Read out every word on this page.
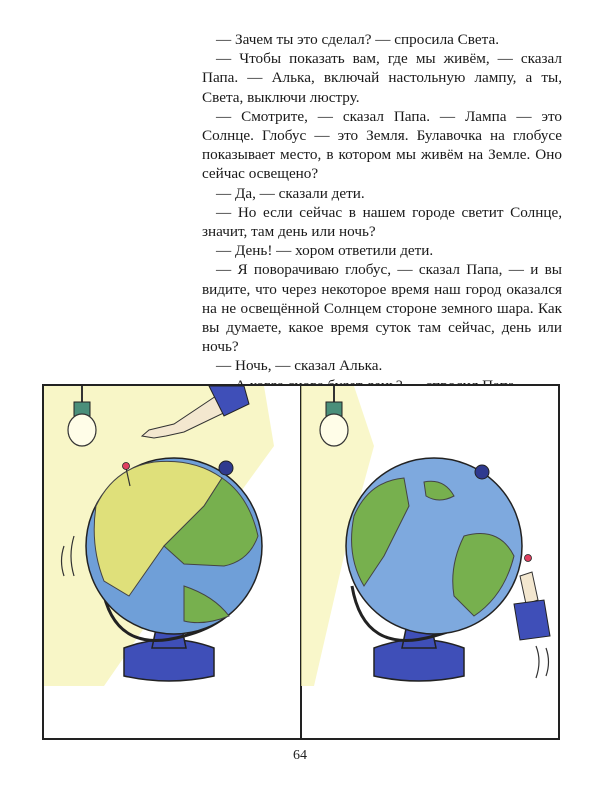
— Зачем ты это сделал? — спросила Света.

— Чтобы показать вам, где мы живём, — сказал Папа. — Алька, включай настольную лампу, а ты, Света, выключи люстру.

— Смотрите, — сказал Папа. — Лампа — это Солнце. Глобус — это Земля. Булавочка на глобусе показывает место, в котором мы живём на Земле. Оно сейчас освещено?

— Да, — сказали дети.

— Но если сейчас в нашем городе светит Солнце, значит, там день или ночь?

— День! — хором ответили дети.

— Я поворачиваю глобус, — сказал Папа, — и вы видите, что через некоторое время наш город оказался на не освещённой Солнцем стороне земного шара. Как вы думаете, какое время суток там сейчас, день или ночь?

— Ночь, — сказал Алька.

64
